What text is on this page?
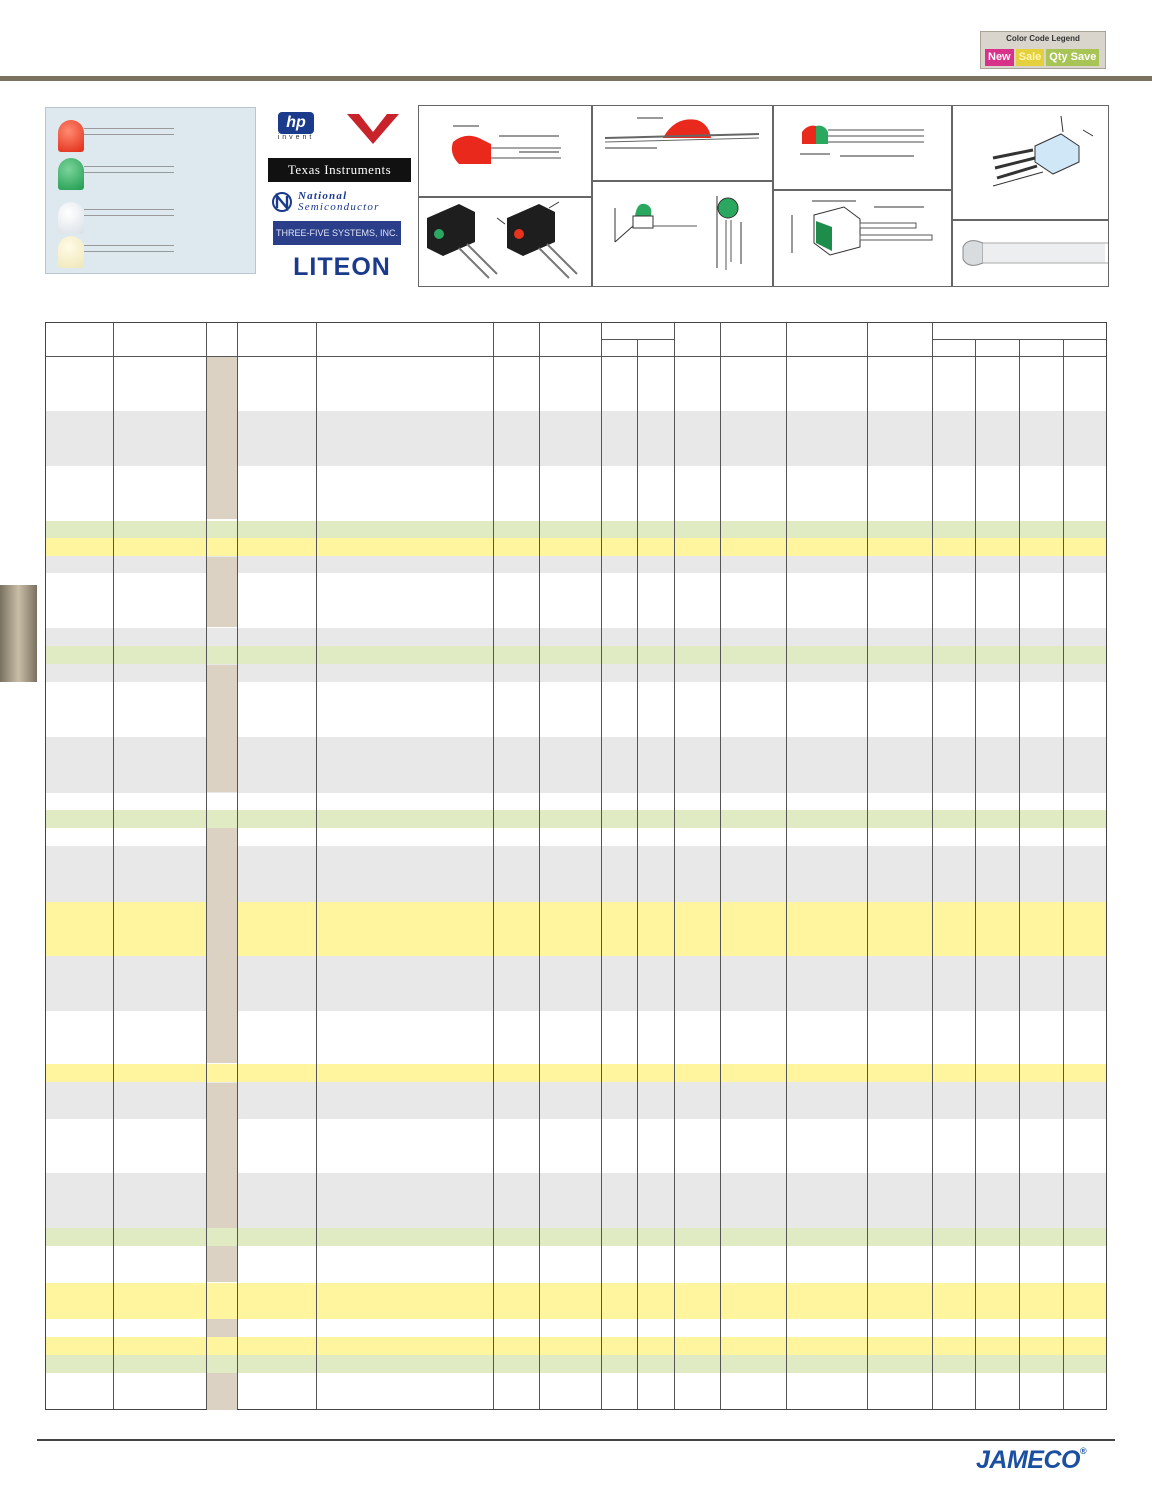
Color Code Legend
New Sale Qty Save
hp
invent
Texas Instruments
National
Semiconductor
THREE-FIVE SYSTEMS, INC.
LITEON
JAMECO®
